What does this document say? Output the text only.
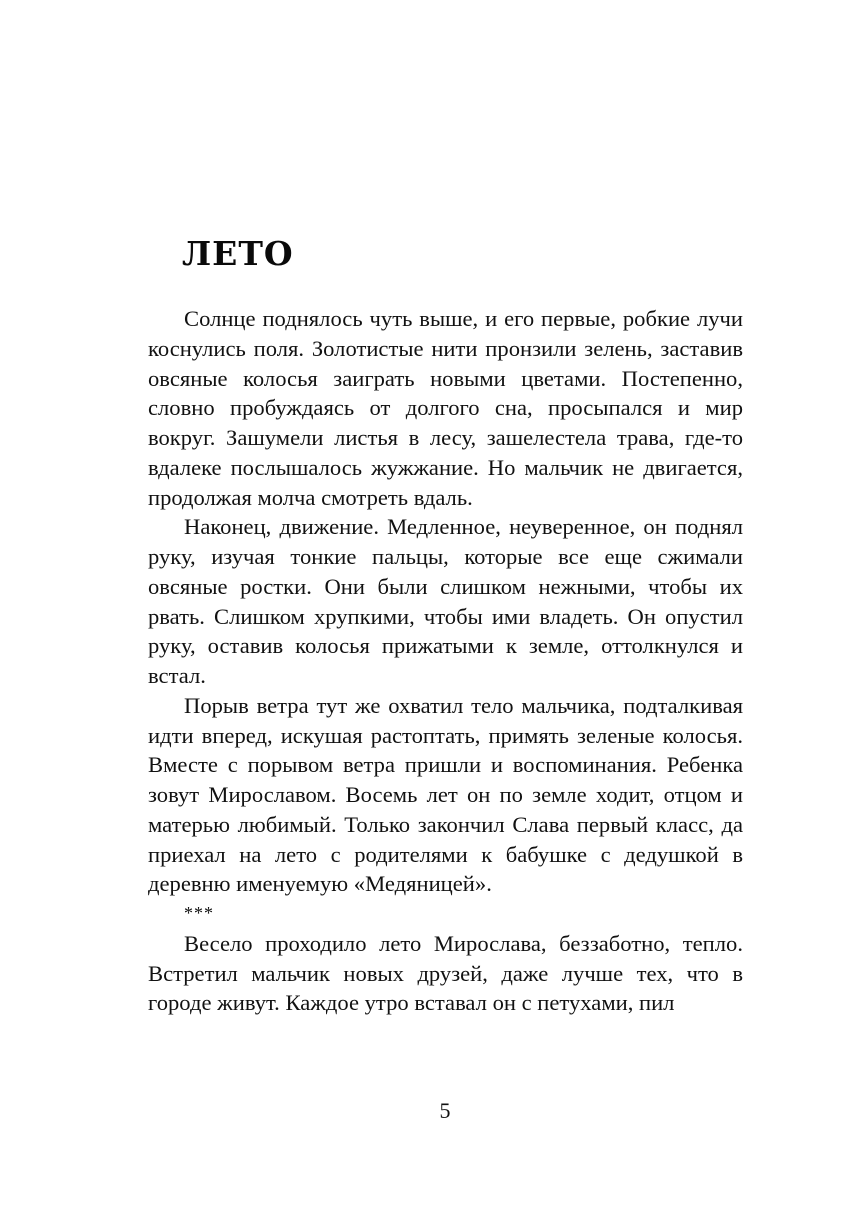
ЛЕТО

Солнце поднялось чуть выше, и его первые, робкие лучи коснулись поля. Золотистые нити пронзили зелень, заставив овсяные колосья заиграть новыми цветами. Постепенно, словно пробуждаясь от долгого сна, просыпался и мир вокруг. Зашумели листья в лесу, зашелестела трава, где-то вдалеке послышалось жужжание. Но мальчик не двигается, продолжая молча смотреть вдаль.

Наконец, движение. Медленное, неуверенное, он поднял руку, изучая тонкие пальцы, которые все еще сжимали овсяные ростки. Они были слишком нежными, чтобы их рвать. Слишком хрупкими, чтобы ими владеть. Он опустил руку, оставив колосья прижатыми к земле, оттолкнулся и встал.

Порыв ветра тут же охватил тело мальчика, подталкивая идти вперед, искушая растоптать, примять зеленые колосья. Вместе с порывом ветра пришли и воспоминания. Ребенка зовут Мирославом. Восемь лет он по земле ходит, отцом и матерью любимый. Только закончил Слава первый класс, да приехал на лето с родителями к бабушке с дедушкой в деревню именуемую «Медяницей».

***

Весело проходило лето Мирослава, беззаботно, тепло. Встретил мальчик новых друзей, даже лучше тех, что в городе живут. Каждое утро вставал он с петухами, пил

5
